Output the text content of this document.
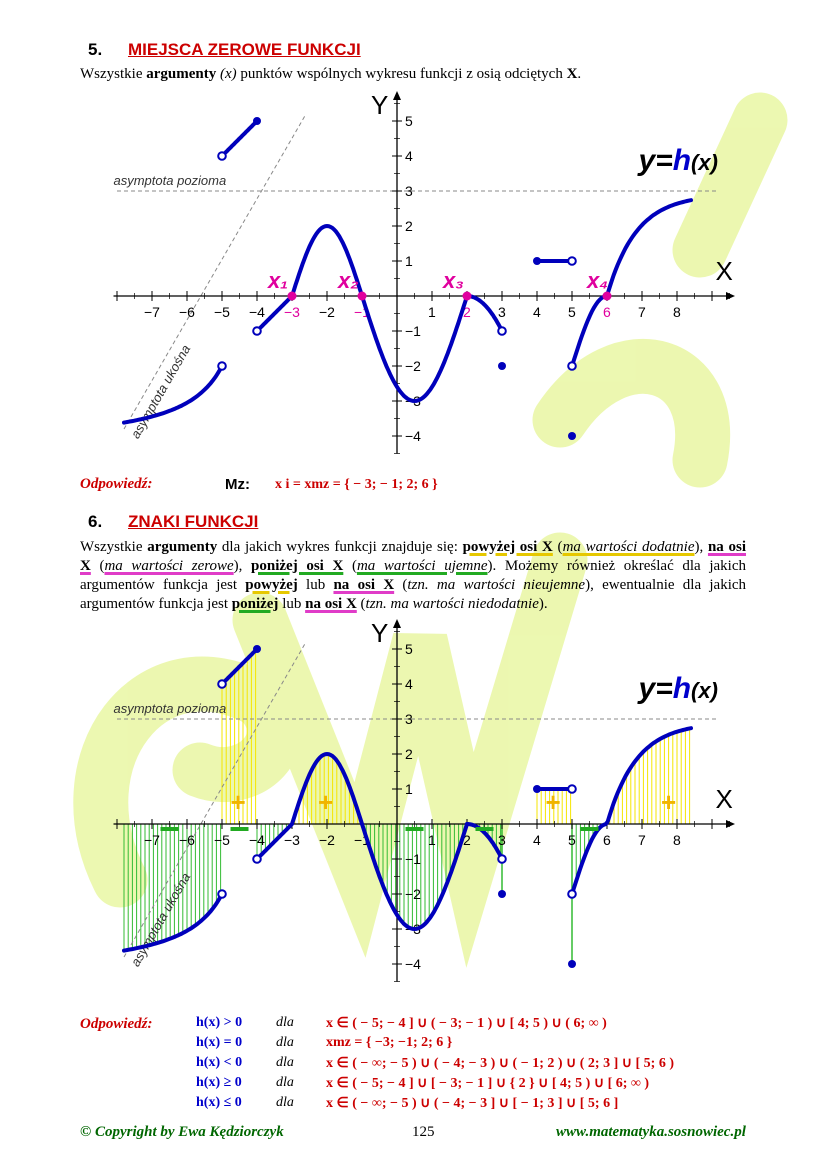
5. MIEJSCA ZEROWE FUNKCJI
Wszystkie argumenty (x) punktów wspólnych wykresu funkcji z osią odciętych X.
asymptota pozioma
asymptota ukośna
Y
X
−7 −6 −5 −4 −3 −2 −1	1 2 3 4 5 6 7 8
5
4
3
2
1
−1
−2
−3
−4
x₁ x₂	x₃	x₄
y=h(x)
Odpowiedź:	Mz: x i = xmz = { − 3; − 1; 2; 6 }
6. ZNAKI FUNKCJI
Wszystkie argumenty dla jakich wykres funkcji znajduje się: powyżej osi X (ma wartości dodatnie), na osi X (ma wartości zerowe), poniżej osi X (ma wartości ujemne). Możemy również określać dla jakich argumentów funkcja jest powyżej lub na osi X (tzn. ma wartości nieujemne), ewentualnie dla jakich argumentów funkcja jest poniżej lub na osi X (tzn. ma wartości niedodatnie).
asymptota pozioma
asymptota ukośna
Y
X
−7 −6 −5 −4 −3 −2 −1	1 2 3 4 5 6 7 8
5
4
3
2
1
−1
−2
−3
−4
y=h(x)
+	+	+	+
Odpowiedź:	h(x) > 0 dla x ∈ ( − 5; − 4 ] ∪ ( − 3; − 1 ) ∪ [ 4; 5 ) ∪ ( 6; ∞ )
h(x) = 0 dla xmz = { −3; −1; 2; 6 }
h(x) < 0 dla x ∈ ( − ∞; − 5 ) ∪ ( − 4; − 3 ) ∪ ( − 1; 2 ) ∪ ( 2; 3 ] ∪ [ 5; 6 )
h(x) ≥ 0 dla x ∈ ( − 5; − 4 ] ∪ [ − 3; − 1 ] ∪ { 2 } ∪ [ 4; 5 ) ∪ [ 6; ∞ )
h(x) ≤ 0 dla x ∈ ( − ∞; − 5 ) ∪ ( − 4; − 3 ] ∪ [ − 1; 3 ] ∪ [ 5; 6 ]
© Copyright by Ewa Kędziorczyk	125	www.matematyka.sosnowiec.pl
